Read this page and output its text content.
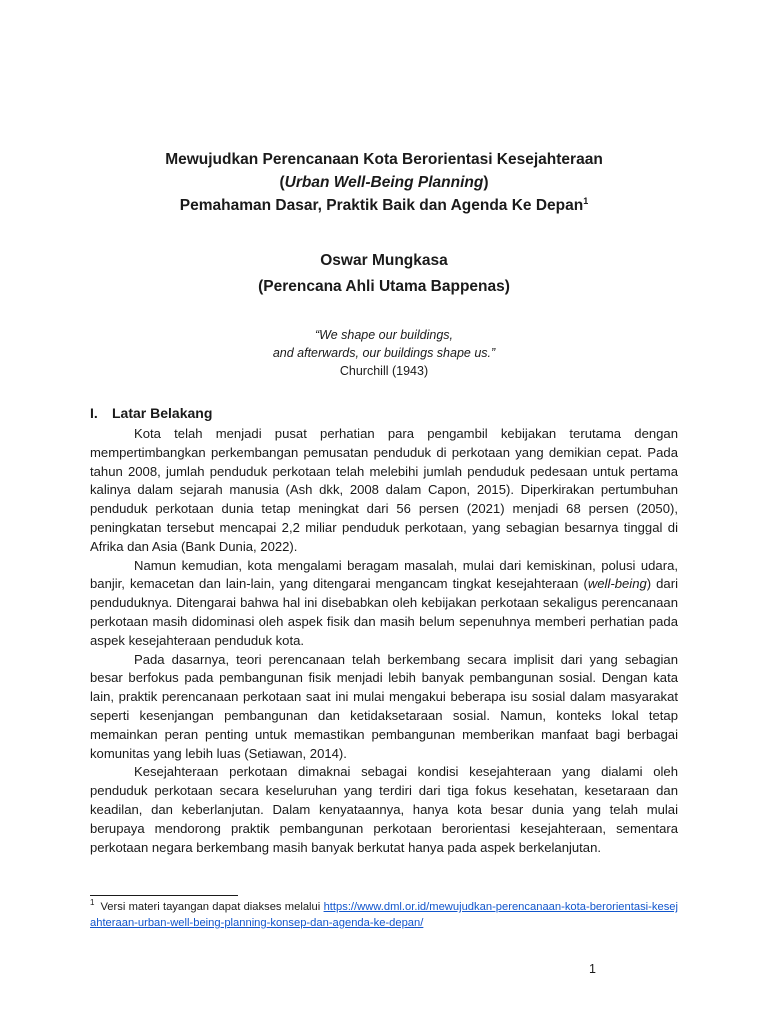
Mewujudkan Perencanaan Kota Berorientasi Kesejahteraan
(Urban Well-Being Planning)
Pemahaman Dasar, Praktik Baik dan Agenda Ke Depan$^1$
Oswar Mungkasa
(Perencana Ahli Utama Bappenas)
“We shape our buildings,
and afterwards, our buildings shape us.”
Churchill (1943)
I. Latar Belakang

Kota telah menjadi pusat perhatian para pengambil kebijakan terutama dengan mempertimbangkan perkembangan pemusatan penduduk di perkotaan yang demikian cepat. Pada tahun 2008, jumlah penduduk perkotaan telah melebihi jumlah penduduk pedesaan untuk pertama kalinya dalam sejarah manusia (Ash dkk, 2008 dalam Capon, 2015). Diperkirakan pertumbuhan penduduk perkotaan dunia tetap meningkat dari 56 persen (2021) menjadi 68 persen (2050), peningkatan tersebut mencapai 2,2 miliar penduduk perkotaan, yang sebagian besarnya tinggal di Afrika dan Asia (Bank Dunia, 2022).

Namun kemudian, kota mengalami beragam masalah, mulai dari kemiskinan, polusi udara, banjir, kemacetan dan lain-lain, yang ditengarai mengancam tingkat kesejahteraan (well-being) dari penduduknya. Ditengarai bahwa hal ini disebabkan oleh kebijakan perkotaan sekaligus perencanaan perkotaan masih didominasi oleh aspek fisik dan masih belum sepenuhnya memberi perhatian pada aspek kesejahteraan penduduk kota.

Pada dasarnya, teori perencanaan telah berkembang secara implisit dari yang sebagian besar berfokus pada pembangunan fisik menjadi lebih banyak pembangunan sosial. Dengan kata lain, praktik perencanaan perkotaan saat ini mulai mengakui beberapa isu sosial dalam masyarakat seperti kesenjangan pembangunan dan ketidaksetaraan sosial. Namun, konteks lokal tetap memainkan peran penting untuk memastikan pembangunan memberikan manfaat bagi berbagai komunitas yang lebih luas (Setiawan, 2014).

Kesejahteraan perkotaan dimaknai sebagai kondisi kesejahteraan yang dialami oleh penduduk perkotaan secara keseluruhan yang terdiri dari tiga fokus kesehatan, kesetaraan dan keadilan, dan keberlanjutan. Dalam kenyataannya, hanya kota besar dunia yang telah mulai berupaya mendorong praktik pembangunan perkotaan berorientasi kesejahteraan, sementara perkotaan negara berkembang masih banyak berkutat hanya pada aspek berkelanjutan.

$^1$ Versi materi tayangan dapat diakses melalui https://www.dml.or.id/mewujudkan-perencanaan-kota-berorientasi-kesejahteraan-urban-well-being-planning-konsep-dan-agenda-ke-depan/
1
